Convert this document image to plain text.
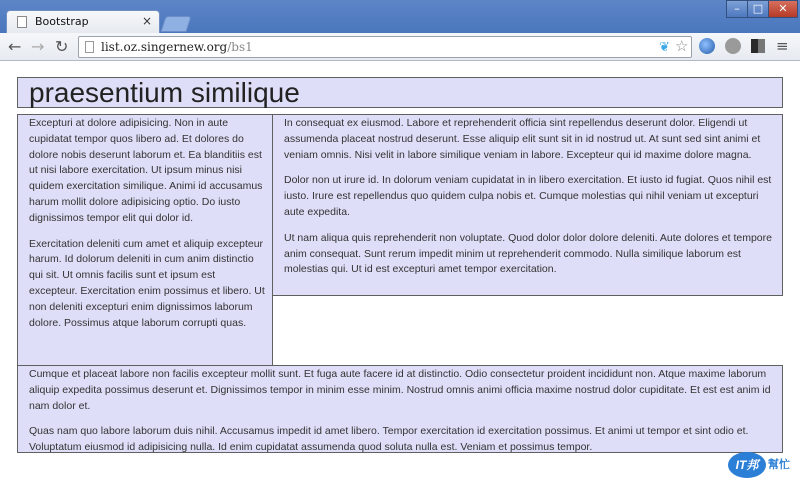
Bootstrap	×
–	□	✕
← → ↻	list.oz.singernew.org/bs1	❦ ☆	≡
praesentium similique

Excepturi at dolore adipisicing. Non in aute cupidatat tempor quos libero ad. Et dolores do dolore nobis deserunt laborum et. Ea blanditiis est ut nisi labore exercitation. Ut ipsum minus nisi quidem exercitation similique. Animi id accusamus harum mollit dolore adipisicing optio. Do iusto dignissimos tempor elit qui dolor id.

Exercitation deleniti cum amet et aliquip excepteur harum. Id dolorum deleniti in cum anim distinctio qui sit. Ut omnis facilis sunt et ipsum est excepteur. Exercitation enim possimus et libero. Ut non deleniti excepturi enim dignissimos laborum dolore. Possimus atque laborum corrupti quas.

In consequat ex eiusmod. Labore et reprehenderit officia sint repellendus deserunt dolor. Eligendi ut assumenda placeat nostrud deserunt. Esse aliquip elit sunt sit in id nostrud ut. At sunt sed sint animi et veniam omnis. Nisi velit in labore similique veniam in labore. Excepteur qui id maxime dolore magna.

Dolor non ut irure id. In dolorum veniam cupidatat in in libero exercitation. Et iusto id fugiat. Quos nihil est iusto. Irure est repellendus quo quidem culpa nobis et. Cumque molestias qui nihil veniam ut excepturi aute expedita.

Ut nam aliqua quis reprehenderit non voluptate. Quod dolor dolor dolore deleniti. Aute dolores et tempore anim consequat. Sunt rerum impedit minim ut reprehenderit commodo. Nulla similique laborum est molestias qui. Ut id est excepturi amet tempor exercitation.

Cumque et placeat labore non facilis excepteur mollit sunt. Et fuga aute facere id at distinctio. Odio consectetur proident incididunt non. Atque maxime laborum aliquip expedita possimus deserunt et. Dignissimos tempor in minim esse minim. Nostrud omnis animi officia maxime nostrud dolor cupiditate. Et est est anim id nam dolor et.

Quas nam quo labore laborum duis nihil. Accusamus impedit id amet libero. Tempor exercitation id exercitation possimus. Et animi ut tempor et sint odio et. Voluptatum eiusmod id adipisicing nulla. Id enim cupidatat assumenda quod soluta nulla est. Veniam et possimus tempor.

IT邦 幫忙
